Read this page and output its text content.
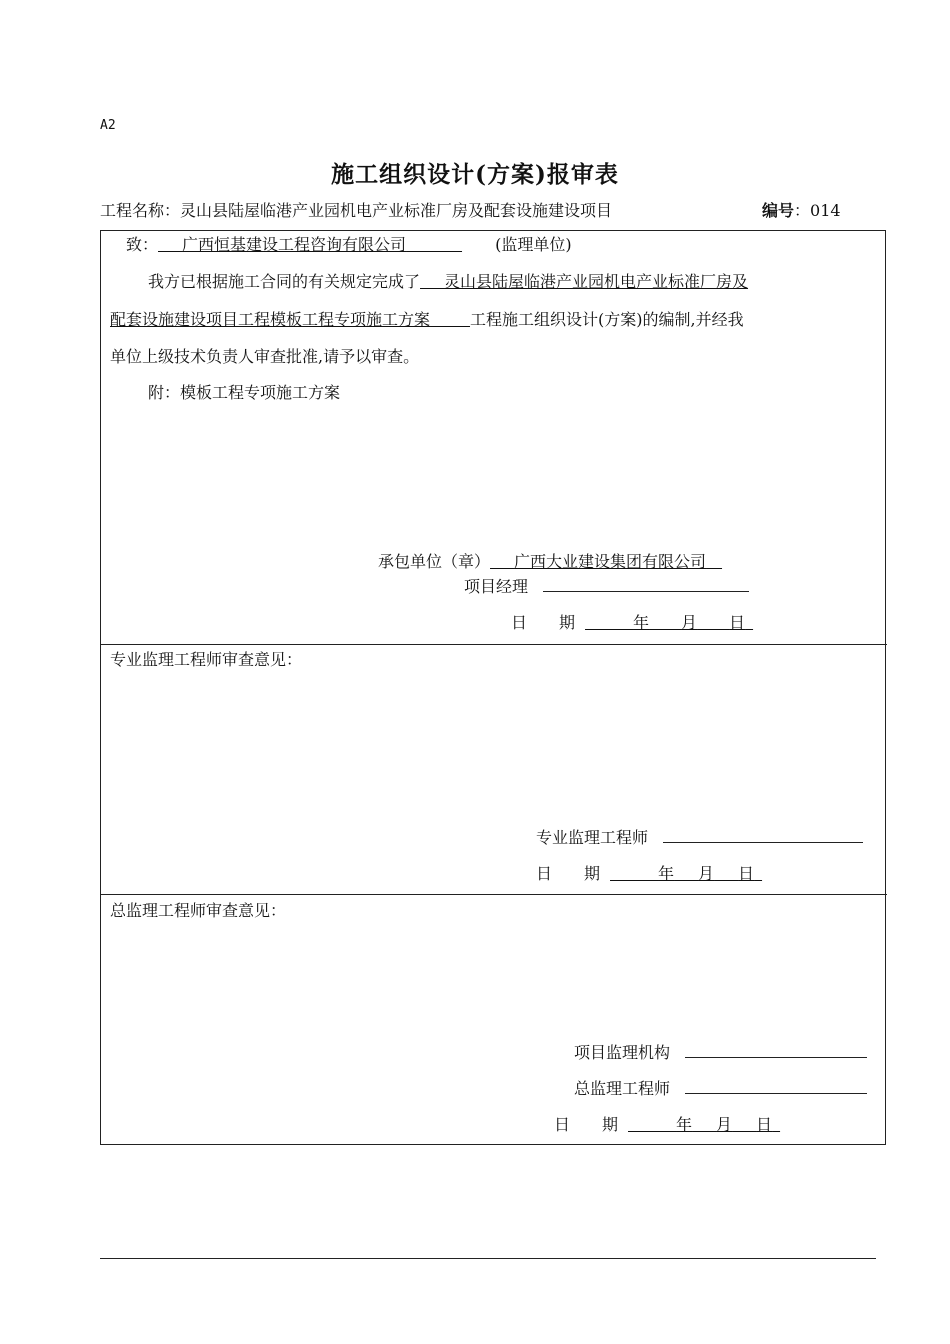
A2
施工组织设计(方案)报审表
工程名称：灵山县陆屋临港产业园机电产业标准厂房及配套设施建设项目	编号：014
致：   广西恒基建设工程咨询有限公司    	(监理单位)
我方已根据施工合同的有关规定完成了   灵山县陆屋临港产业园机电产业标准厂房及
配套设施建设项目工程模板工程专项施工方案   	工程施工组织设计(方案)的编制,并经我
单位上级技术负责人审查批准,请予以审查。
附：模板工程专项施工方案
承包单位（章）   广西大业建设集团有限公司 
项目经理
日　　期   	年   月   日 
专业监理工程师审查意见：
专业监理工程师
日　　期   	年   月   日 
总监理工程师审查意见：
项目监理机构
总监理工程师
日　　期   	年   月   日 
